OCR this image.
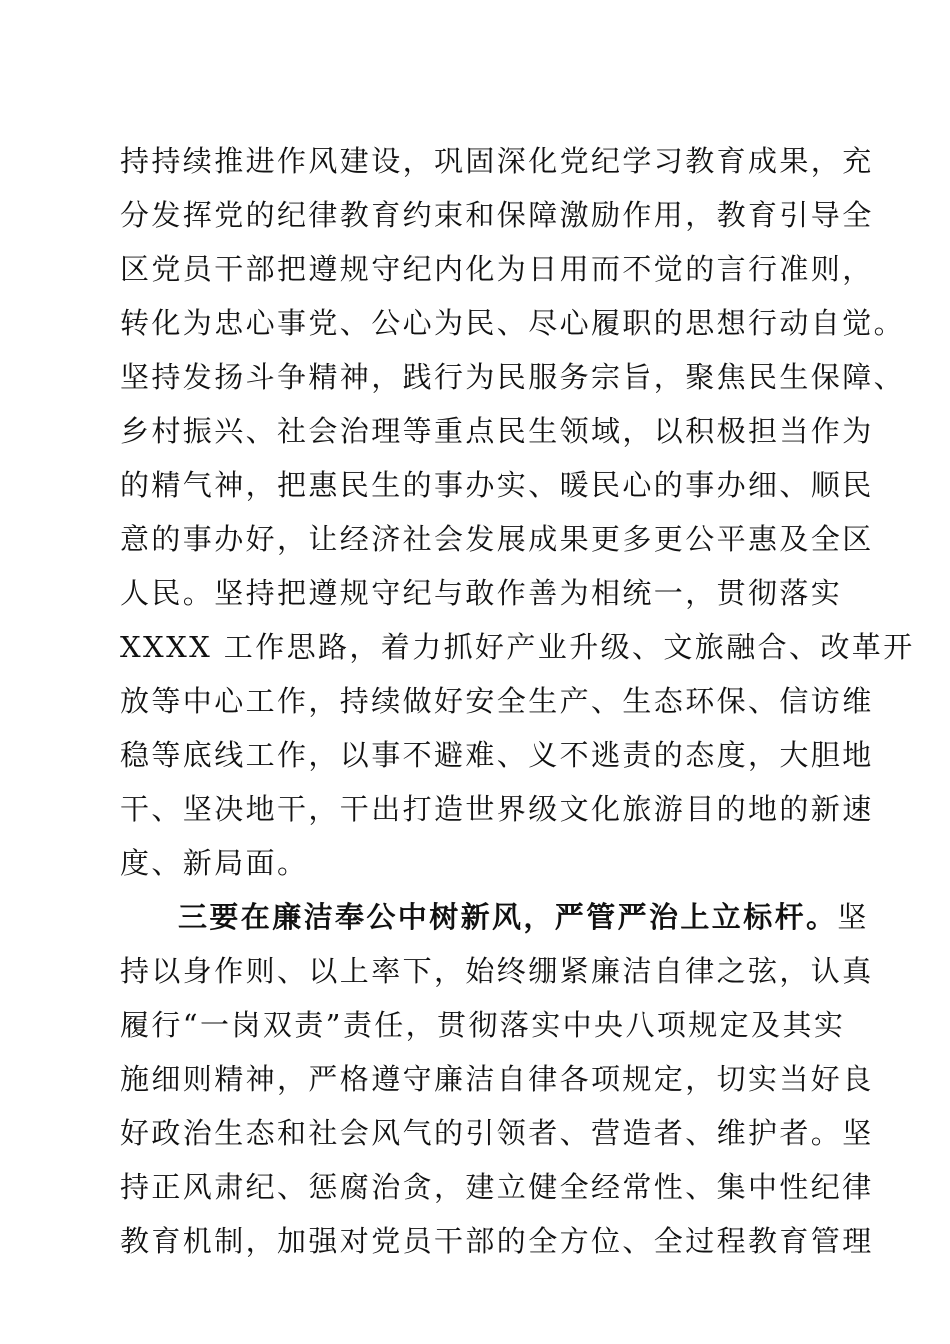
持持续推进作风建设，巩固深化党纪学习教育成果，充
分发挥党的纪律教育约束和保障激励作用，教育引导全
区党员干部把遵规守纪内化为日用而不觉的言行准则，
转化为忠心事党、公心为民、尽心履职的思想行动自觉。
坚持发扬斗争精神，践行为民服务宗旨，聚焦民生保障、
乡村振兴、社会治理等重点民生领域，以积极担当作为
的精气神，把惠民生的事办实、暖民心的事办细、顺民
意的事办好，让经济社会发展成果更多更公平惠及全区
人民。坚持把遵规守纪与敢作善为相统一，贯彻落实
XXXX 工作思路，着力抓好产业升级、文旅融合、改革开
放等中心工作，持续做好安全生产、生态环保、信访维
稳等底线工作，以事不避难、义不逃责的态度，大胆地
干、坚决地干，干出打造世界级文化旅游目的地的新速
度、新局面。
三要在廉洁奉公中树新风，严管严治上立标杆。坚
持以身作则、以上率下，始终绷紧廉洁自律之弦，认真
履行“一岗双责”责任，贯彻落实中央八项规定及其实
施细则精神，严格遵守廉洁自律各项规定，切实当好良
好政治生态和社会风气的引领者、营造者、维护者。坚
持正风肃纪、惩腐治贪，建立健全经常性、集中性纪律
教育机制，加强对党员干部的全方位、全过程教育管理
